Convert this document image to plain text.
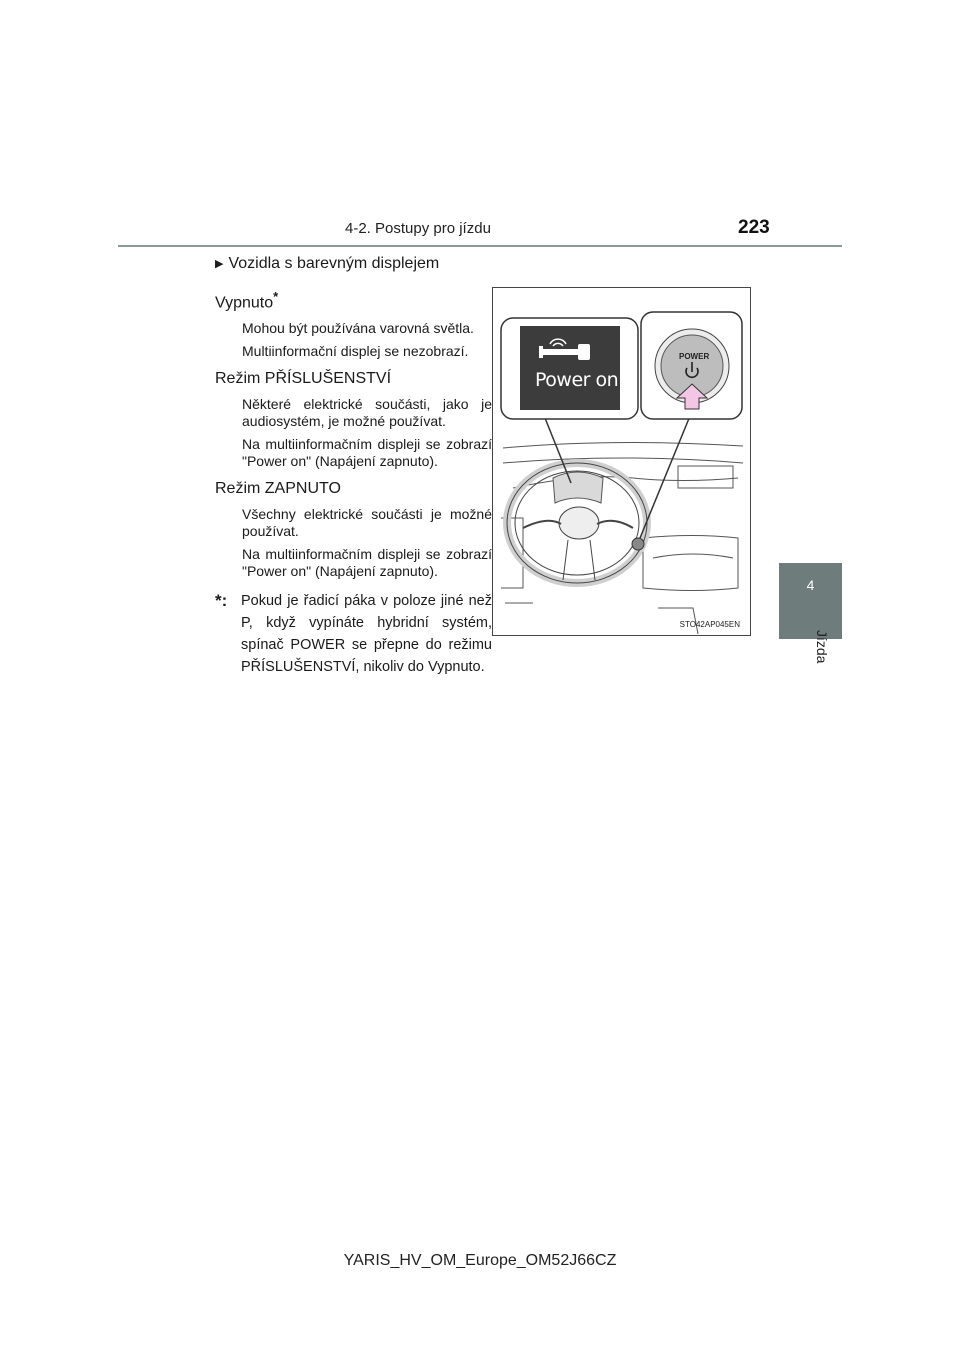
4-2. Postupy pro jízdu	223
4
Jízda
▶ Vozidla s barevným displejem
Vypnuto*

Mohou být používána varovná světla.

Multiinformační displej se nezobrazí.

Režim PŘÍSLUŠENSTVÍ

Některé elektrické součásti, jako je audiosystém, je možné používat.

Na multiinformačním displeji se zobrazí "Power on" (Napájení zapnuto).

Režim ZAPNUTO

Všechny elektrické součásti je možné používat.

Na multiinformačním displeji se zobrazí "Power on" (Napájení zapnuto).

*: Pokud je řadicí páka v poloze jiné než P, když vypínáte hybridní systém, spínač POWER se přepne do režimu PŘÍSLUŠENSTVÍ, nikoliv do Vypnuto.
STO42AP045EN
Power on
POWER
YARIS_HV_OM_Europe_OM52J66CZ
